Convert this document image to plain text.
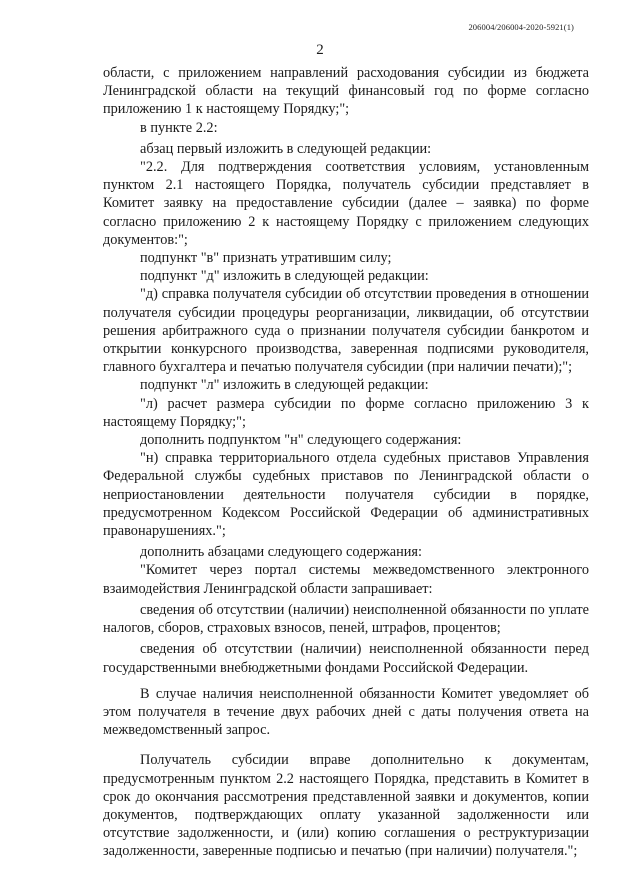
206004/206004-2020-5921(1)
2

области, с приложением направлений расходования субсидии из бюджета Ленинградской области на текущий финансовый год по форме согласно приложению 1 к настоящему Порядку;";

в пункте 2.2:

абзац первый изложить в следующей редакции:

"2.2. Для подтверждения соответствия условиям, установленным пунктом 2.1 настоящего Порядка, получатель субсидии представляет в Комитет заявку на предоставление субсидии (далее – заявка) по форме согласно приложению 2 к настоящему Порядку с приложением следующих документов:";

подпункт "в" признать утратившим силу;

подпункт "д" изложить в следующей редакции:

"д) справка получателя субсидии об отсутствии проведения в отношении получателя субсидии процедуры реорганизации, ликвидации, об отсутствии решения арбитражного суда о признании получателя субсидии банкротом и открытии конкурсного производства, заверенная подписями руководителя, главного бухгалтера и печатью получателя субсидии (при наличии печати);";

подпункт "л" изложить в следующей редакции:

"л) расчет размера субсидии по форме согласно приложению 3 к настоящему Порядку;";

дополнить подпунктом "н" следующего содержания:

"н) справка территориального отдела судебных приставов Управления Федеральной службы судебных приставов по Ленинградской области о неприостановлении деятельности получателя субсидии в порядке, предусмотренном Кодексом Российской Федерации об административных правонарушениях.";

дополнить абзацами следующего содержания:

"Комитет через портал системы межведомственного электронного взаимодействия Ленинградской области запрашивает:

сведения об отсутствии (наличии) неисполненной обязанности по уплате налогов, сборов, страховых взносов, пеней, штрафов, процентов;

сведения об отсутствии (наличии) неисполненной обязанности перед государственными внебюджетными фондами Российской Федерации.

В случае наличия неисполненной обязанности Комитет уведомляет об этом получателя в течение двух рабочих дней с даты получения ответа на межведомственный запрос.

Получатель субсидии вправе дополнительно к документам, предусмотренным пунктом 2.2 настоящего Порядка, представить в Комитет в срок до окончания рассмотрения представленной заявки и документов, копии документов, подтверждающих оплату указанной задолженности или отсутствие задолженности, и (или) копию соглашения о реструктуризации задолженности, заверенные подписью и печатью (при наличии) получателя.";
